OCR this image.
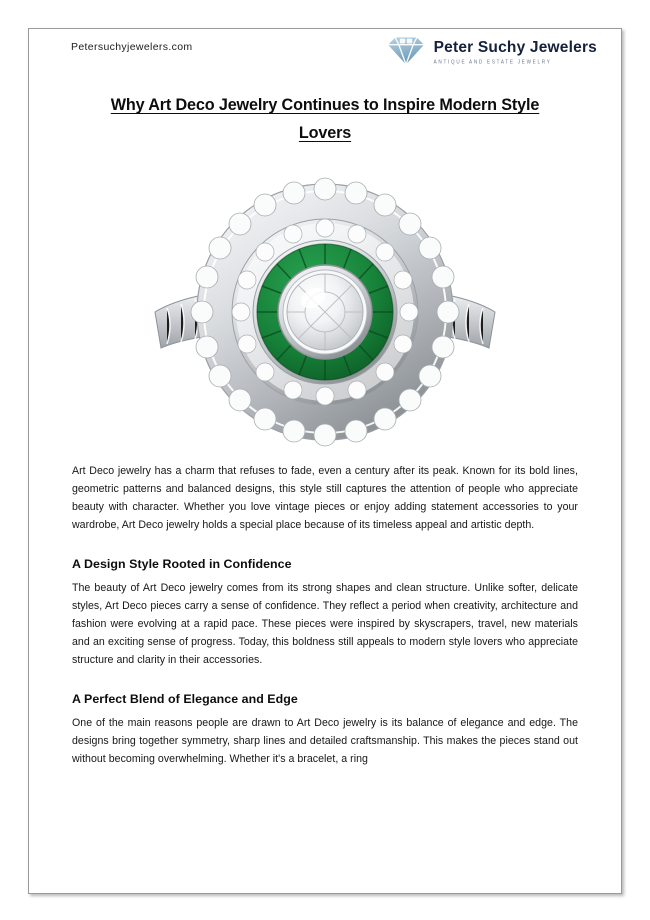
Petersuchyjewelers.com	Peter Suchy Jewelers
ANTIQUE AND ESTATE JEWELRY
Why Art Deco Jewelry Continues to Inspire Modern Style
Lovers

Art Deco jewelry has a charm that refuses to fade, even a century after its peak. Known for its bold lines, geometric patterns and balanced designs, this style still captures the attention of people who appreciate beauty with character. Whether you love vintage pieces or enjoy adding statement accessories to your wardrobe, Art Deco jewelry holds a special place because of its timeless appeal and artistic depth.

A Design Style Rooted in Confidence

The beauty of Art Deco jewelry comes from its strong shapes and clean structure. Unlike softer, delicate styles, Art Deco pieces carry a sense of confidence. They reflect a period when creativity, architecture and fashion were evolving at a rapid pace. These pieces were inspired by skyscrapers, travel, new materials and an exciting sense of progress. Today, this boldness still appeals to modern style lovers who appreciate structure and clarity in their accessories.

A Perfect Blend of Elegance and Edge

One of the main reasons people are drawn to Art Deco jewelry is its balance of elegance and edge. The designs bring together symmetry, sharp lines and detailed craftsmanship. This makes the pieces stand out without becoming overwhelming. Whether it's a bracelet, a ring
